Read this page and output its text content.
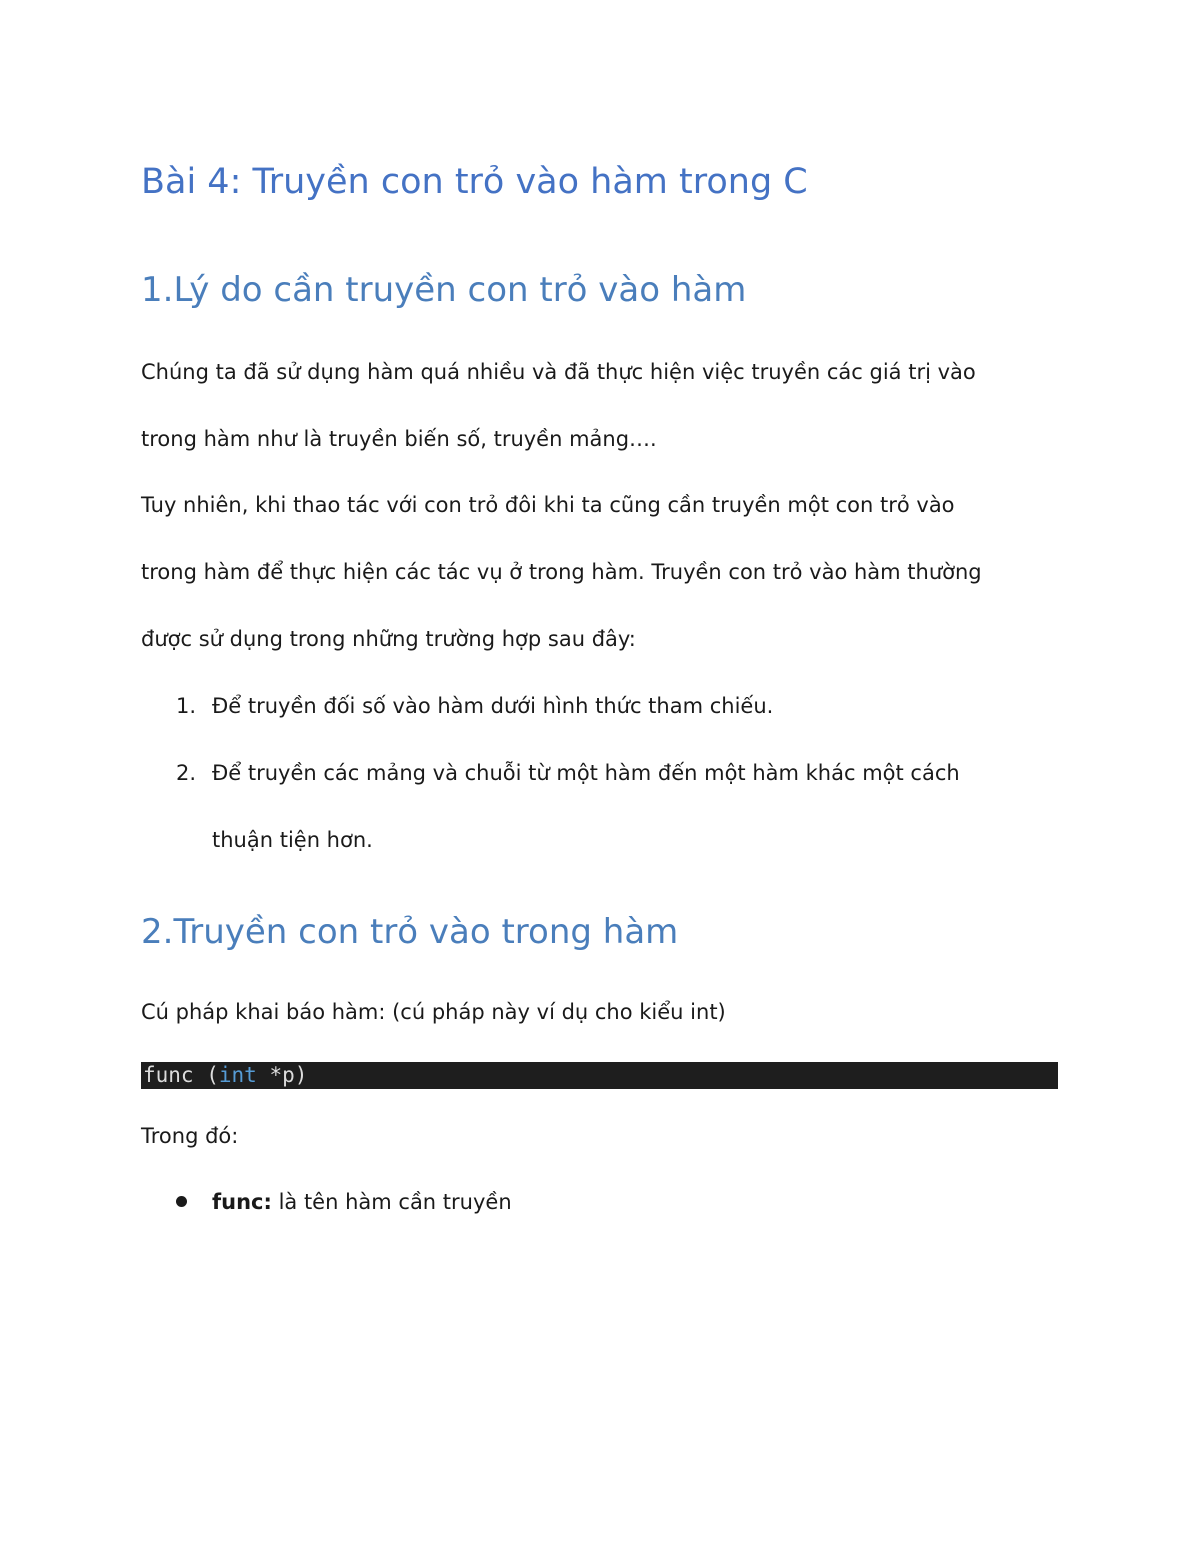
Bài 4: Truyền con trỏ vào hàm trong C
1.Lý do cần truyền con trỏ vào hàm

Chúng ta đã sử dụng hàm quá nhiều và đã thực hiện việc truyền các giá trị vào

trong hàm như là truyền biến số, truyền mảng….

Tuy nhiên, khi thao tác với con trỏ đôi khi ta cũng cần truyền một con trỏ vào

trong hàm để thực hiện các tác vụ ở trong hàm. Truyền con trỏ vào hàm thường

được sử dụng trong những trường hợp sau đây:

1. Để truyền đối số vào hàm dưới hình thức tham chiếu.

2. Để truyền các mảng và chuỗi từ một hàm đến một hàm khác một cách

thuận tiện hơn.

2.Truyền con trỏ vào trong hàm

Cú pháp khai báo hàm: (cú pháp này ví dụ cho kiểu int)

func (int *p)

Trong đó:

func: là tên hàm cần truyền
